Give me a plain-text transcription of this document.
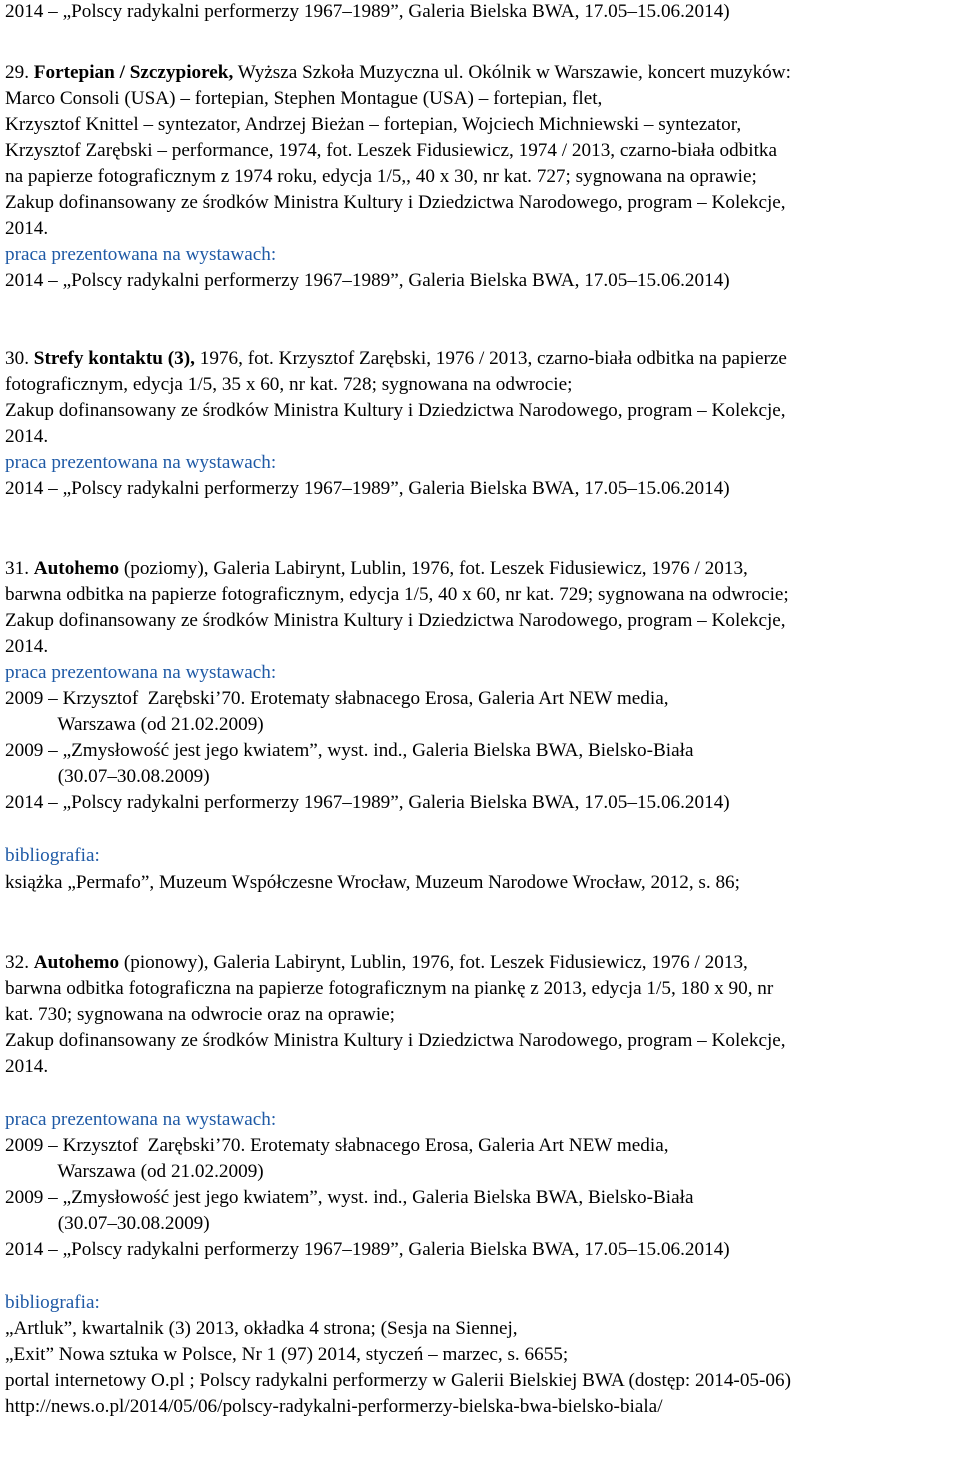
2014 – „Polscy radykalni performerzy 1967–1989”, Galeria Bielska BWA, 17.05–15.06.2014)
29. Fortepian / Szczypiorek, Wyższa Szkoła Muzyczna ul. Okólnik w Warszawie, koncert muzyków:
Marco Consoli (USA) – fortepian, Stephen Montague (USA) – fortepian, flet,
Krzysztof Knittel – syntezator, Andrzej Bieżan – fortepian, Wojciech Michniewski – syntezator,
Krzysztof Zarębski – performance, 1974, fot. Leszek Fidusiewicz, 1974 / 2013, czarno-biała odbitka
na papierze fotograficznym z 1974 roku, edycja 1/5,, 40 x 30, nr kat. 727; sygnowana na oprawie;
Zakup dofinansowany ze środków Ministra Kultury i Dziedzictwa Narodowego, program – Kolekcje,
2014.
praca prezentowana na wystawach:
2014 – „Polscy radykalni performerzy 1967–1989”, Galeria Bielska BWA, 17.05–15.06.2014)
30. Strefy kontaktu (3), 1976, fot. Krzysztof Zarębski, 1976 / 2013, czarno-biała odbitka na papierze
fotograficznym, edycja 1/5, 35 x 60, nr kat. 728; sygnowana na odwrocie;
Zakup dofinansowany ze środków Ministra Kultury i Dziedzictwa Narodowego, program – Kolekcje,
2014.
praca prezentowana na wystawach:
2014 – „Polscy radykalni performerzy 1967–1989”, Galeria Bielska BWA, 17.05–15.06.2014)
31. Autohemo (poziomy), Galeria Labirynt, Lublin, 1976, fot. Leszek Fidusiewicz, 1976 / 2013,
barwna odbitka na papierze fotograficznym, edycja 1/5, 40 x 60, nr kat. 729; sygnowana na odwrocie;
Zakup dofinansowany ze środków Ministra Kultury i Dziedzictwa Narodowego, program – Kolekcje,
2014.
praca prezentowana na wystawach:
2009 – Krzysztof  Zarębski’70. Erotematy słabnacego Erosa, Galeria Art NEW media,
Warszawa (od 21.02.2009)
2009 – „Zmysłowość jest jego kwiatem”, wyst. ind., Galeria Bielska BWA, Bielsko-Biała
(30.07–30.08.2009)
2014 – „Polscy radykalni performerzy 1967–1989”, Galeria Bielska BWA, 17.05–15.06.2014)
bibliografia:
książka „Permafo”, Muzeum Współczesne Wrocław, Muzeum Narodowe Wrocław, 2012, s. 86;
32. Autohemo (pionowy), Galeria Labirynt, Lublin, 1976, fot. Leszek Fidusiewicz, 1976 / 2013,
barwna odbitka fotograficzna na papierze fotograficznym na piankę z 2013, edycja 1/5, 180 x 90, nr
kat. 730; sygnowana na odwrocie oraz na oprawie;
Zakup dofinansowany ze środków Ministra Kultury i Dziedzictwa Narodowego, program – Kolekcje,
2014.
praca prezentowana na wystawach:
2009 – Krzysztof  Zarębski’70. Erotematy słabnacego Erosa, Galeria Art NEW media,
Warszawa (od 21.02.2009)
2009 – „Zmysłowość jest jego kwiatem”, wyst. ind., Galeria Bielska BWA, Bielsko-Biała
(30.07–30.08.2009)
2014 – „Polscy radykalni performerzy 1967–1989”, Galeria Bielska BWA, 17.05–15.06.2014)
bibliografia:
„Artluk”, kwartalnik (3) 2013, okładka 4 strona; (Sesja na Siennej,
„Exit” Nowa sztuka w Polsce, Nr 1 (97) 2014, styczeń – marzec, s. 6655;
portal internetowy O.pl ; Polscy radykalni performerzy w Galerii Bielskiej BWA (dostęp: 2014-05-06)
http://news.o.pl/2014/05/06/polscy-radykalni-performerzy-bielska-bwa-bielsko-biala/
